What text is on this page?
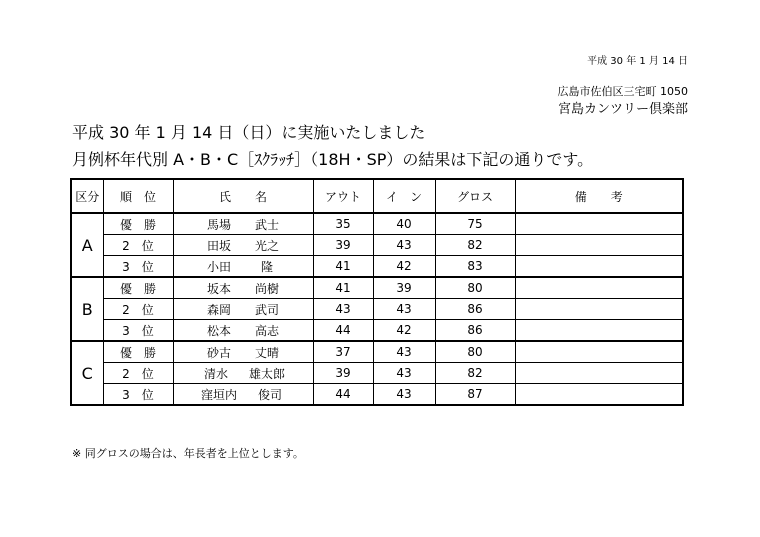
平成 30 年 1 月 14 日
広島市佐伯区三宅町 1050
宮島カンツリー倶楽部
平成 30 年 1 月 14 日（日）に実施いたしました
月例杯年代別 A・B・C［ｽｸﾗｯﾁ］（18H・SP）の結果は下記の通りです。
区分	順　位	氏　　名	アウト	イ　ン	グロス	備　　考
A	優　勝	馬場 武士	35	40	75	
	2　位	田坂 光之	39	43	82	
	3　位	小田 隆	41	42	83	
B	優　勝	坂本 尚樹	41	39	80	
	2　位	森岡 武司	43	43	86	
	3　位	松本 高志	44	42	86	
C	優　勝	砂古 丈晴	37	43	80	
	2　位	清水 雄太郎	39	43	82	
	3　位	窪垣内 俊司	44	43	87	
※ 同グロスの場合は、年長者を上位とします。
